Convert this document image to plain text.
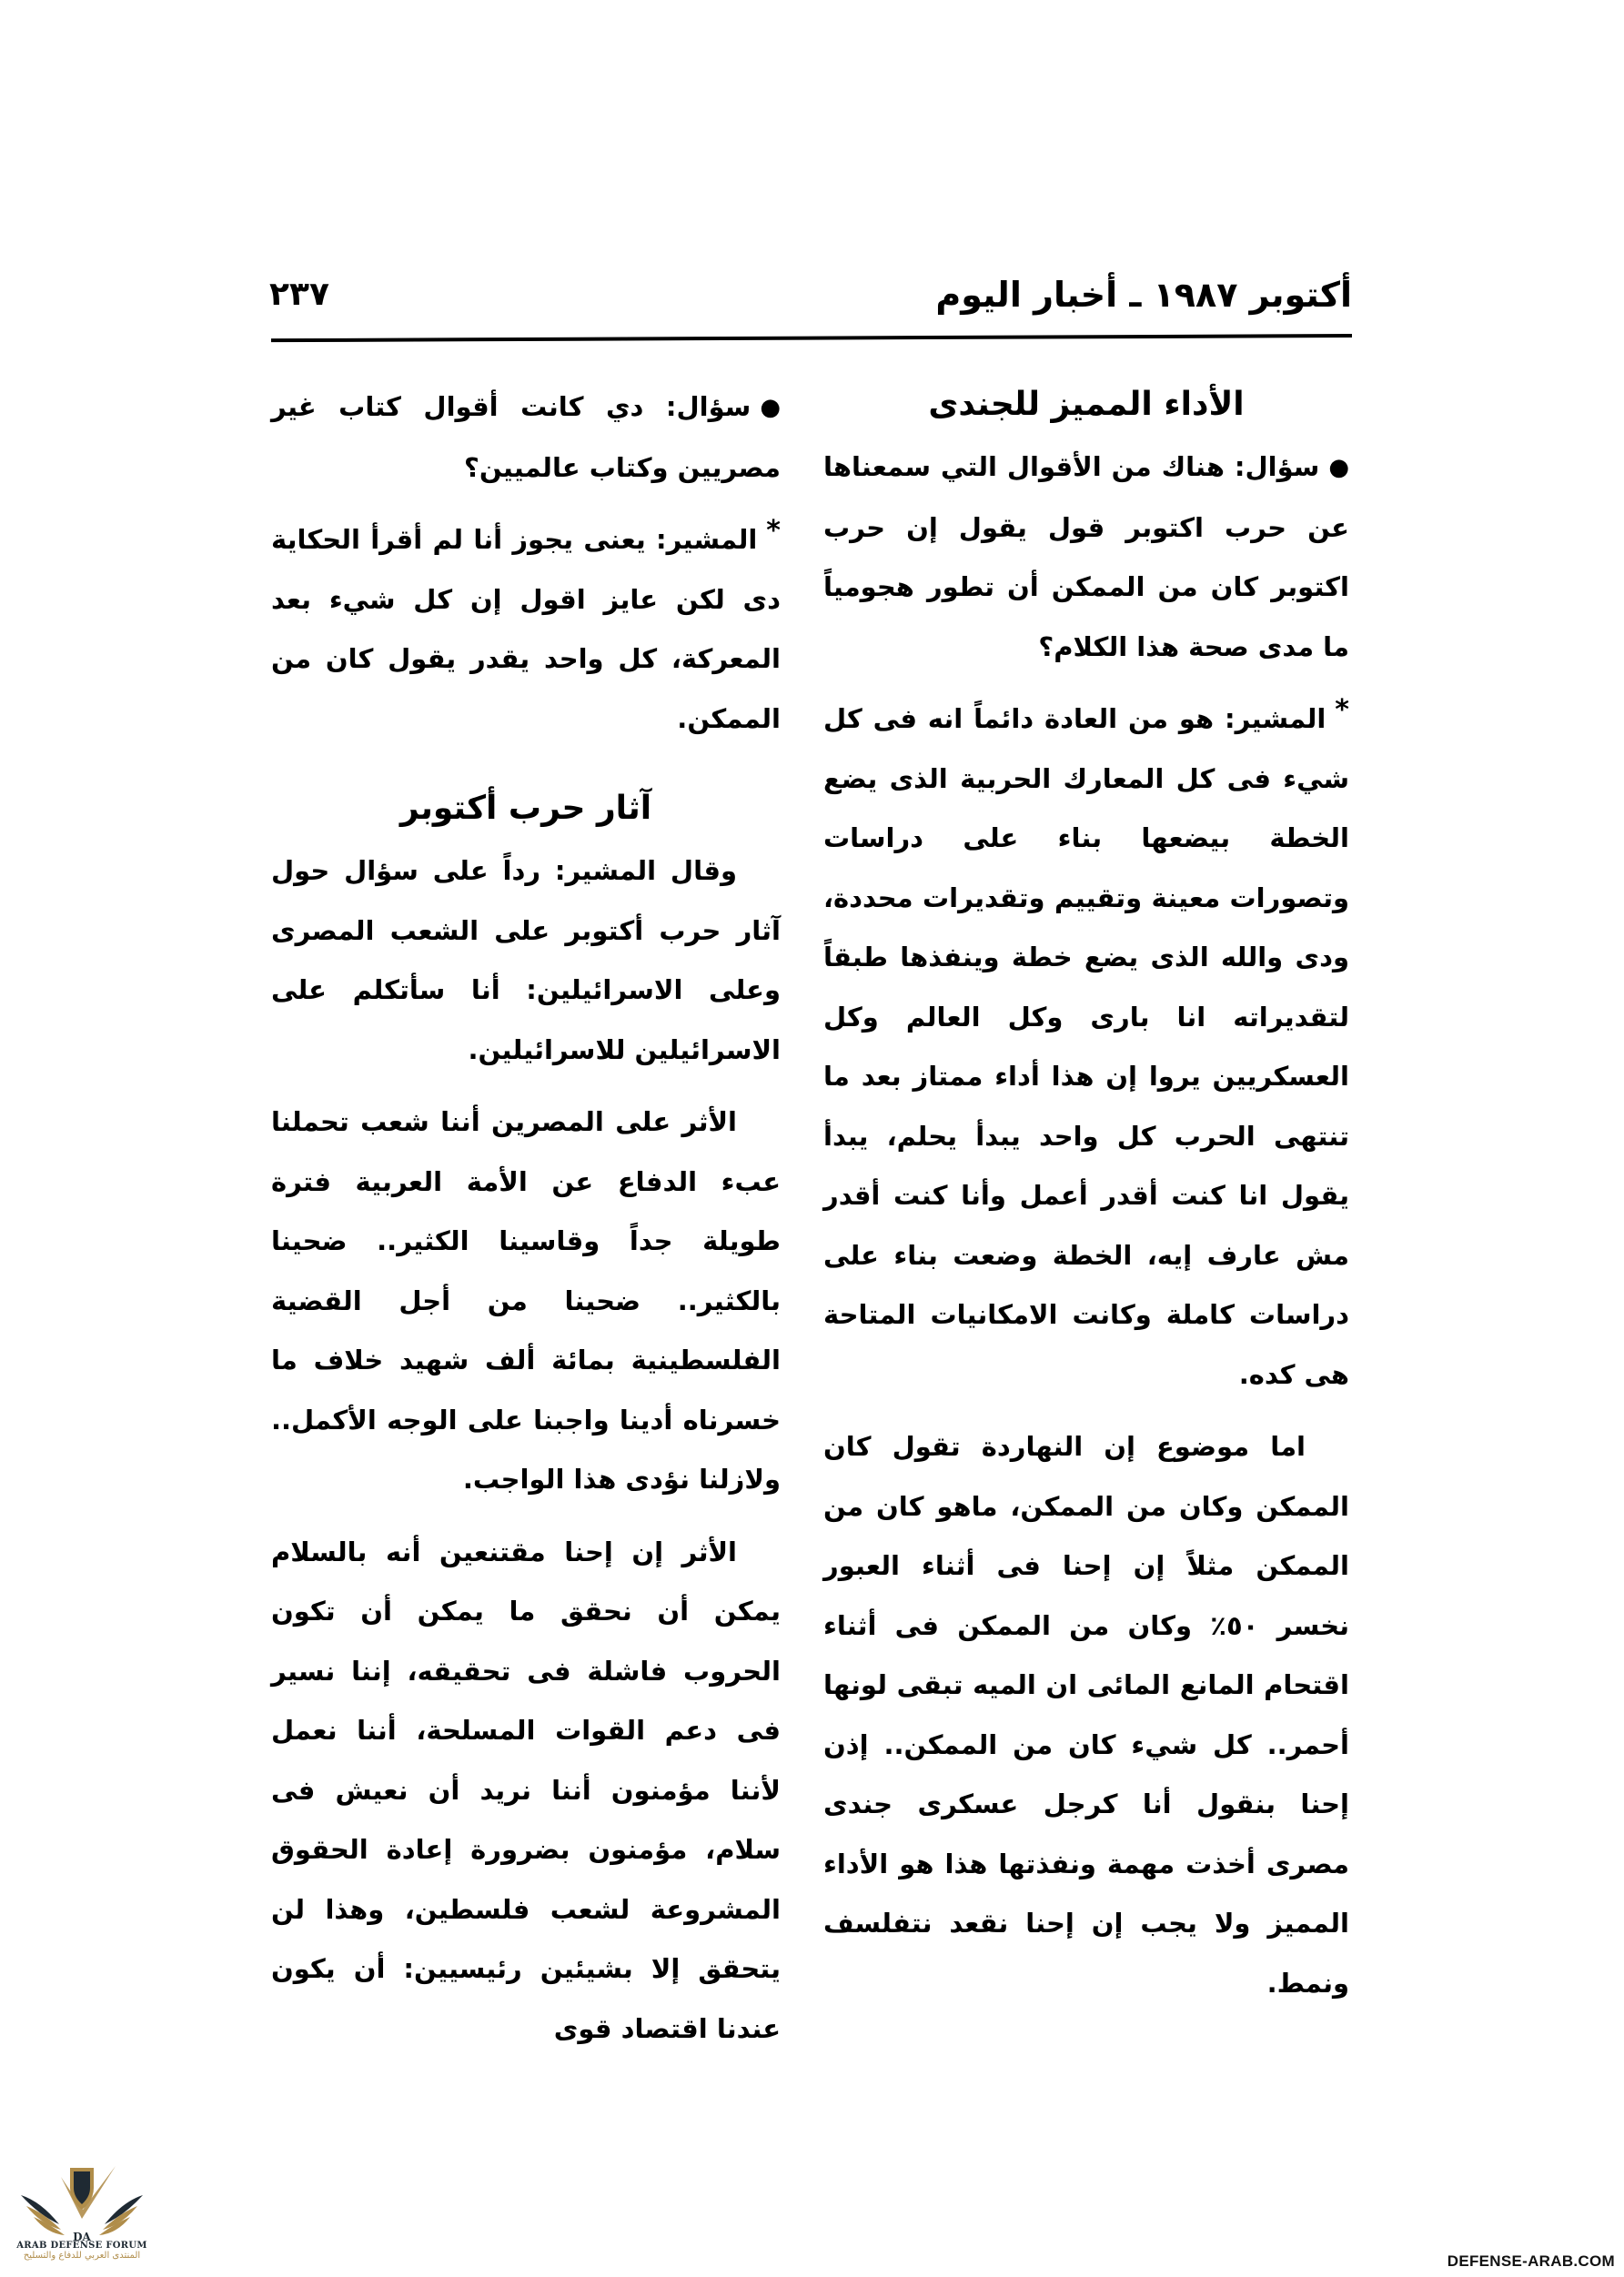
أكتوبر ١٩٨٧ ـ أخبار اليوم
٢٣٧
الأداء المميز للجندى

●سؤال: هناك من الأقوال التي سمعناها عن حرب اكتوبر قول يقول إن حرب اكتوبر كان من الممكن أن تطور هجومياً ما مدى صحة هذا الكلام؟

*المشير: هو من العادة دائماً انه فى كل شيء فى كل المعارك الحربية الذى يضع الخطة بيضعها بناء على دراسات وتصورات معينة وتقييم وتقديرات محددة، ودى والله الذى يضع خطة وينفذها طبقاً لتقديراته انا بارى وكل العالم وكل العسكريين يروا إن هذا أداء ممتاز بعد ما تنتهى الحرب كل واحد يبدأ يحلم، يبدأ يقول انا كنت أقدر أعمل وأنا كنت أقدر مش عارف إيه، الخطة وضعت بناء على دراسات كاملة وكانت الامكانيات المتاحة هى كده.

اما موضوع إن النهاردة تقول كان الممكن وكان من الممكن، ماهو كان من الممكن مثلاً إن إحنا فى أثناء العبور نخسر ٥٠٪ وكان من الممكن فى أثناء اقتحام المانع المائى ان الميه تبقى لونها أحمر.. كل شيء كان من الممكن.. إذن إحنا بنقول أنا كرجل عسكرى جندى مصرى أخذت مهمة ونفذتها هذا هو الأداء المميز ولا يجب إن إحنا نقعد نتفلسف ونمط.

●سؤال: دي كانت أقوال كتاب غير مصريين وكتاب عالميين؟

*المشير: يعنى يجوز أنا لم أقرأ الحكاية دى لكن عايز اقول إن كل شيء بعد المعركة، كل واحد يقدر يقول كان من الممكن.

آثار حرب أكتوبر

وقال المشير: رداً على سؤال حول آثار حرب أكتوبر على الشعب المصرى وعلى الاسرائيلين: أنا سأتكلم على الاسرائيلين للاسرائيلين.

الأثر على المصرين أننا شعب تحملنا عبء الدفاع عن الأمة العربية فترة طويلة جداً وقاسينا الكثير.. ضحينا بالكثير.. ضحينا من أجل القضية الفلسطينية بمائة ألف شهيد خلاف ما خسرناه أدينا واجبنا على الوجه الأكمل.. ولازلنا نؤدى هذا الواجب.

الأثر إن إحنا مقتنعين أنه بالسلام يمكن أن نحقق ما يمكن أن تكون الحروب فاشلة فى تحقيقه، إننا نسير فى دعم القوات المسلحة، أننا نعمل لأننا مؤمنون أننا نريد أن نعيش فى سلام، مؤمنون بضرورة إعادة الحقوق المشروعة لشعب فلسطين، وهذا لن يتحقق إلا بشيئين رئيسيين: أن يكون عندنا اقتصاد قوى

DA
ARAB DEFENSE FORUM
المنتدى العربي للدفاع والتسليح	DEFENSE-ARAB.COM
